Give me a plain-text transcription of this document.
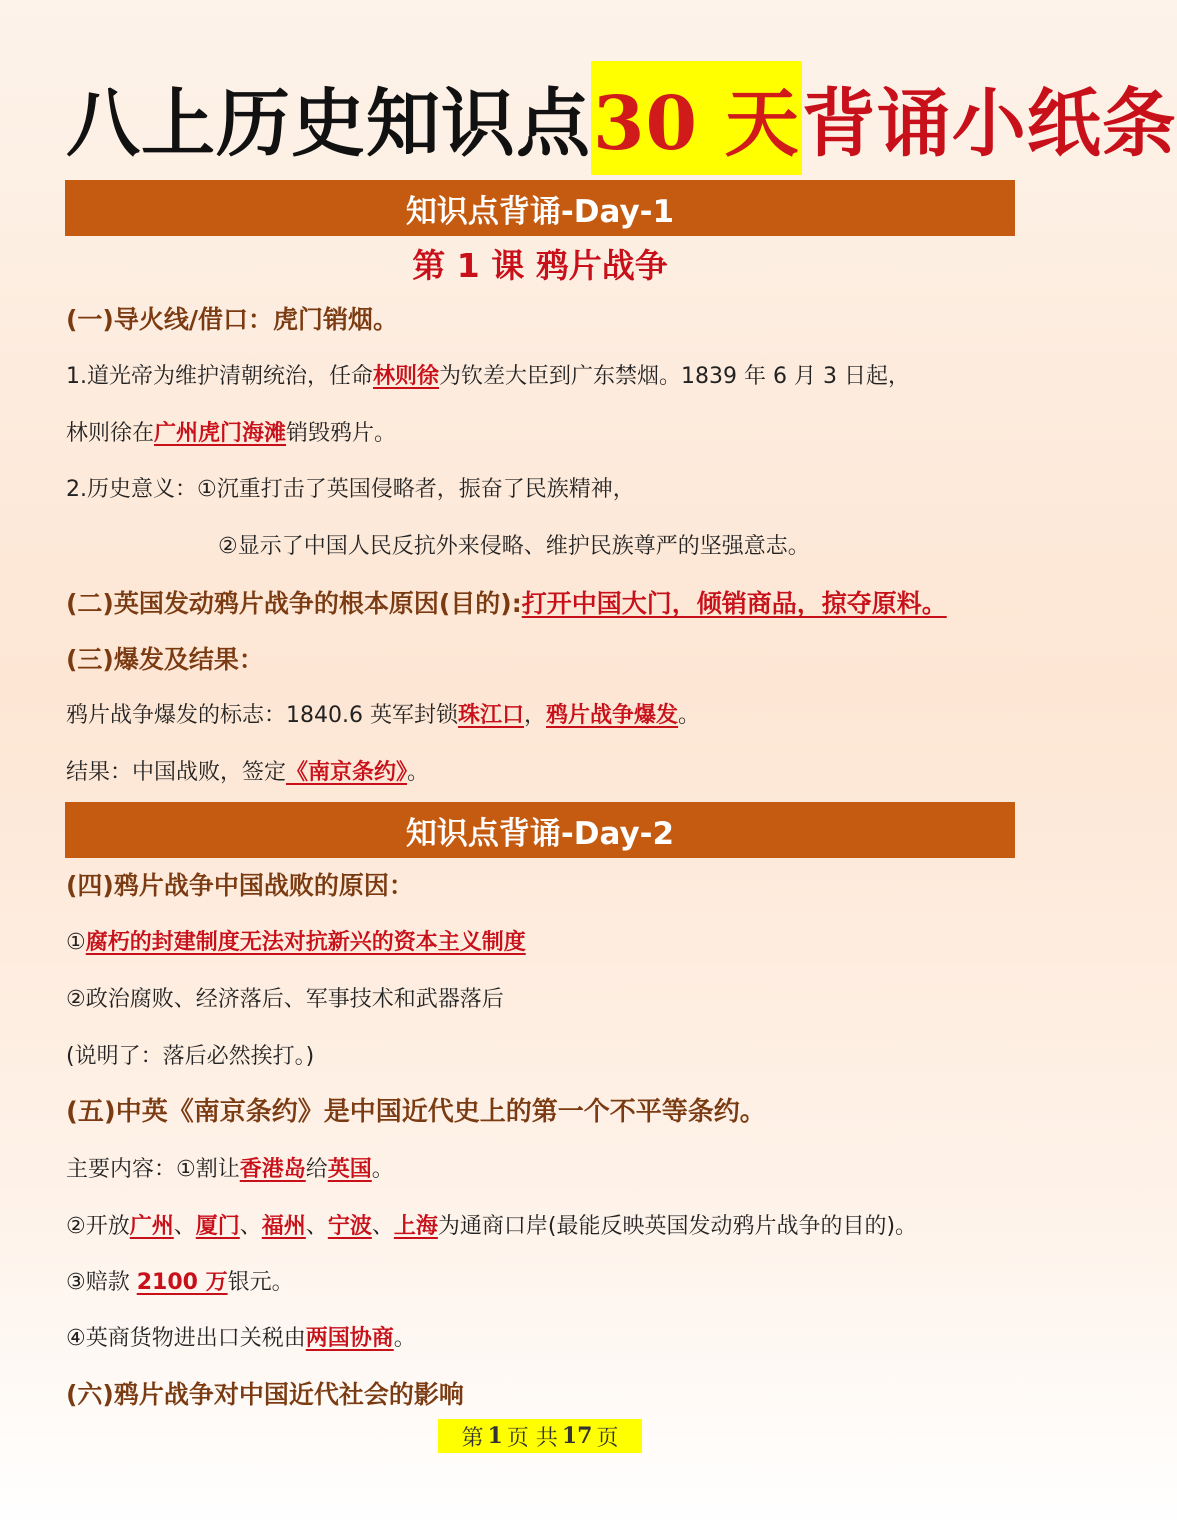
八上历史知识点 30 天 背诵小纸条
知识点背诵-Day-1
第 1 课 鸦片战争
(一)导火线/借口：虎门销烟。
1.道光帝为维护清朝统治，任命林则徐为钦差大臣到广东禁烟。1839 年 6 月 3 日起，
林则徐在广州虎门海滩销毁鸦片。
2.历史意义：①沉重打击了英国侵略者，振奋了民族精神，
②显示了中国人民反抗外来侵略、维护民族尊严的坚强意志。
(二)英国发动鸦片战争的根本原因(目的):打开中国大门，倾销商品，掠夺原料。
(三)爆发及结果：
鸦片战争爆发的标志：1840.6 英军封锁珠江口，鸦片战争爆发。
结果：中国战败，签定《南京条约》。
知识点背诵-Day-2
(四)鸦片战争中国战败的原因：
①腐朽的封建制度无法对抗新兴的资本主义制度
②政治腐败、经济落后、军事技术和武器落后
(说明了：落后必然挨打。)
(五)中英《南京条约》是中国近代史上的第一个不平等条约。
主要内容：①割让香港岛给英国。
②开放广州、厦门、福州、宁波、上海为通商口岸(最能反映英国发动鸦片战争的目的)。
③赔款 2100 万银元。
④英商货物进出口关税由两国协商。
(六)鸦片战争对中国近代社会的影响
第 1 页 共 17 页
